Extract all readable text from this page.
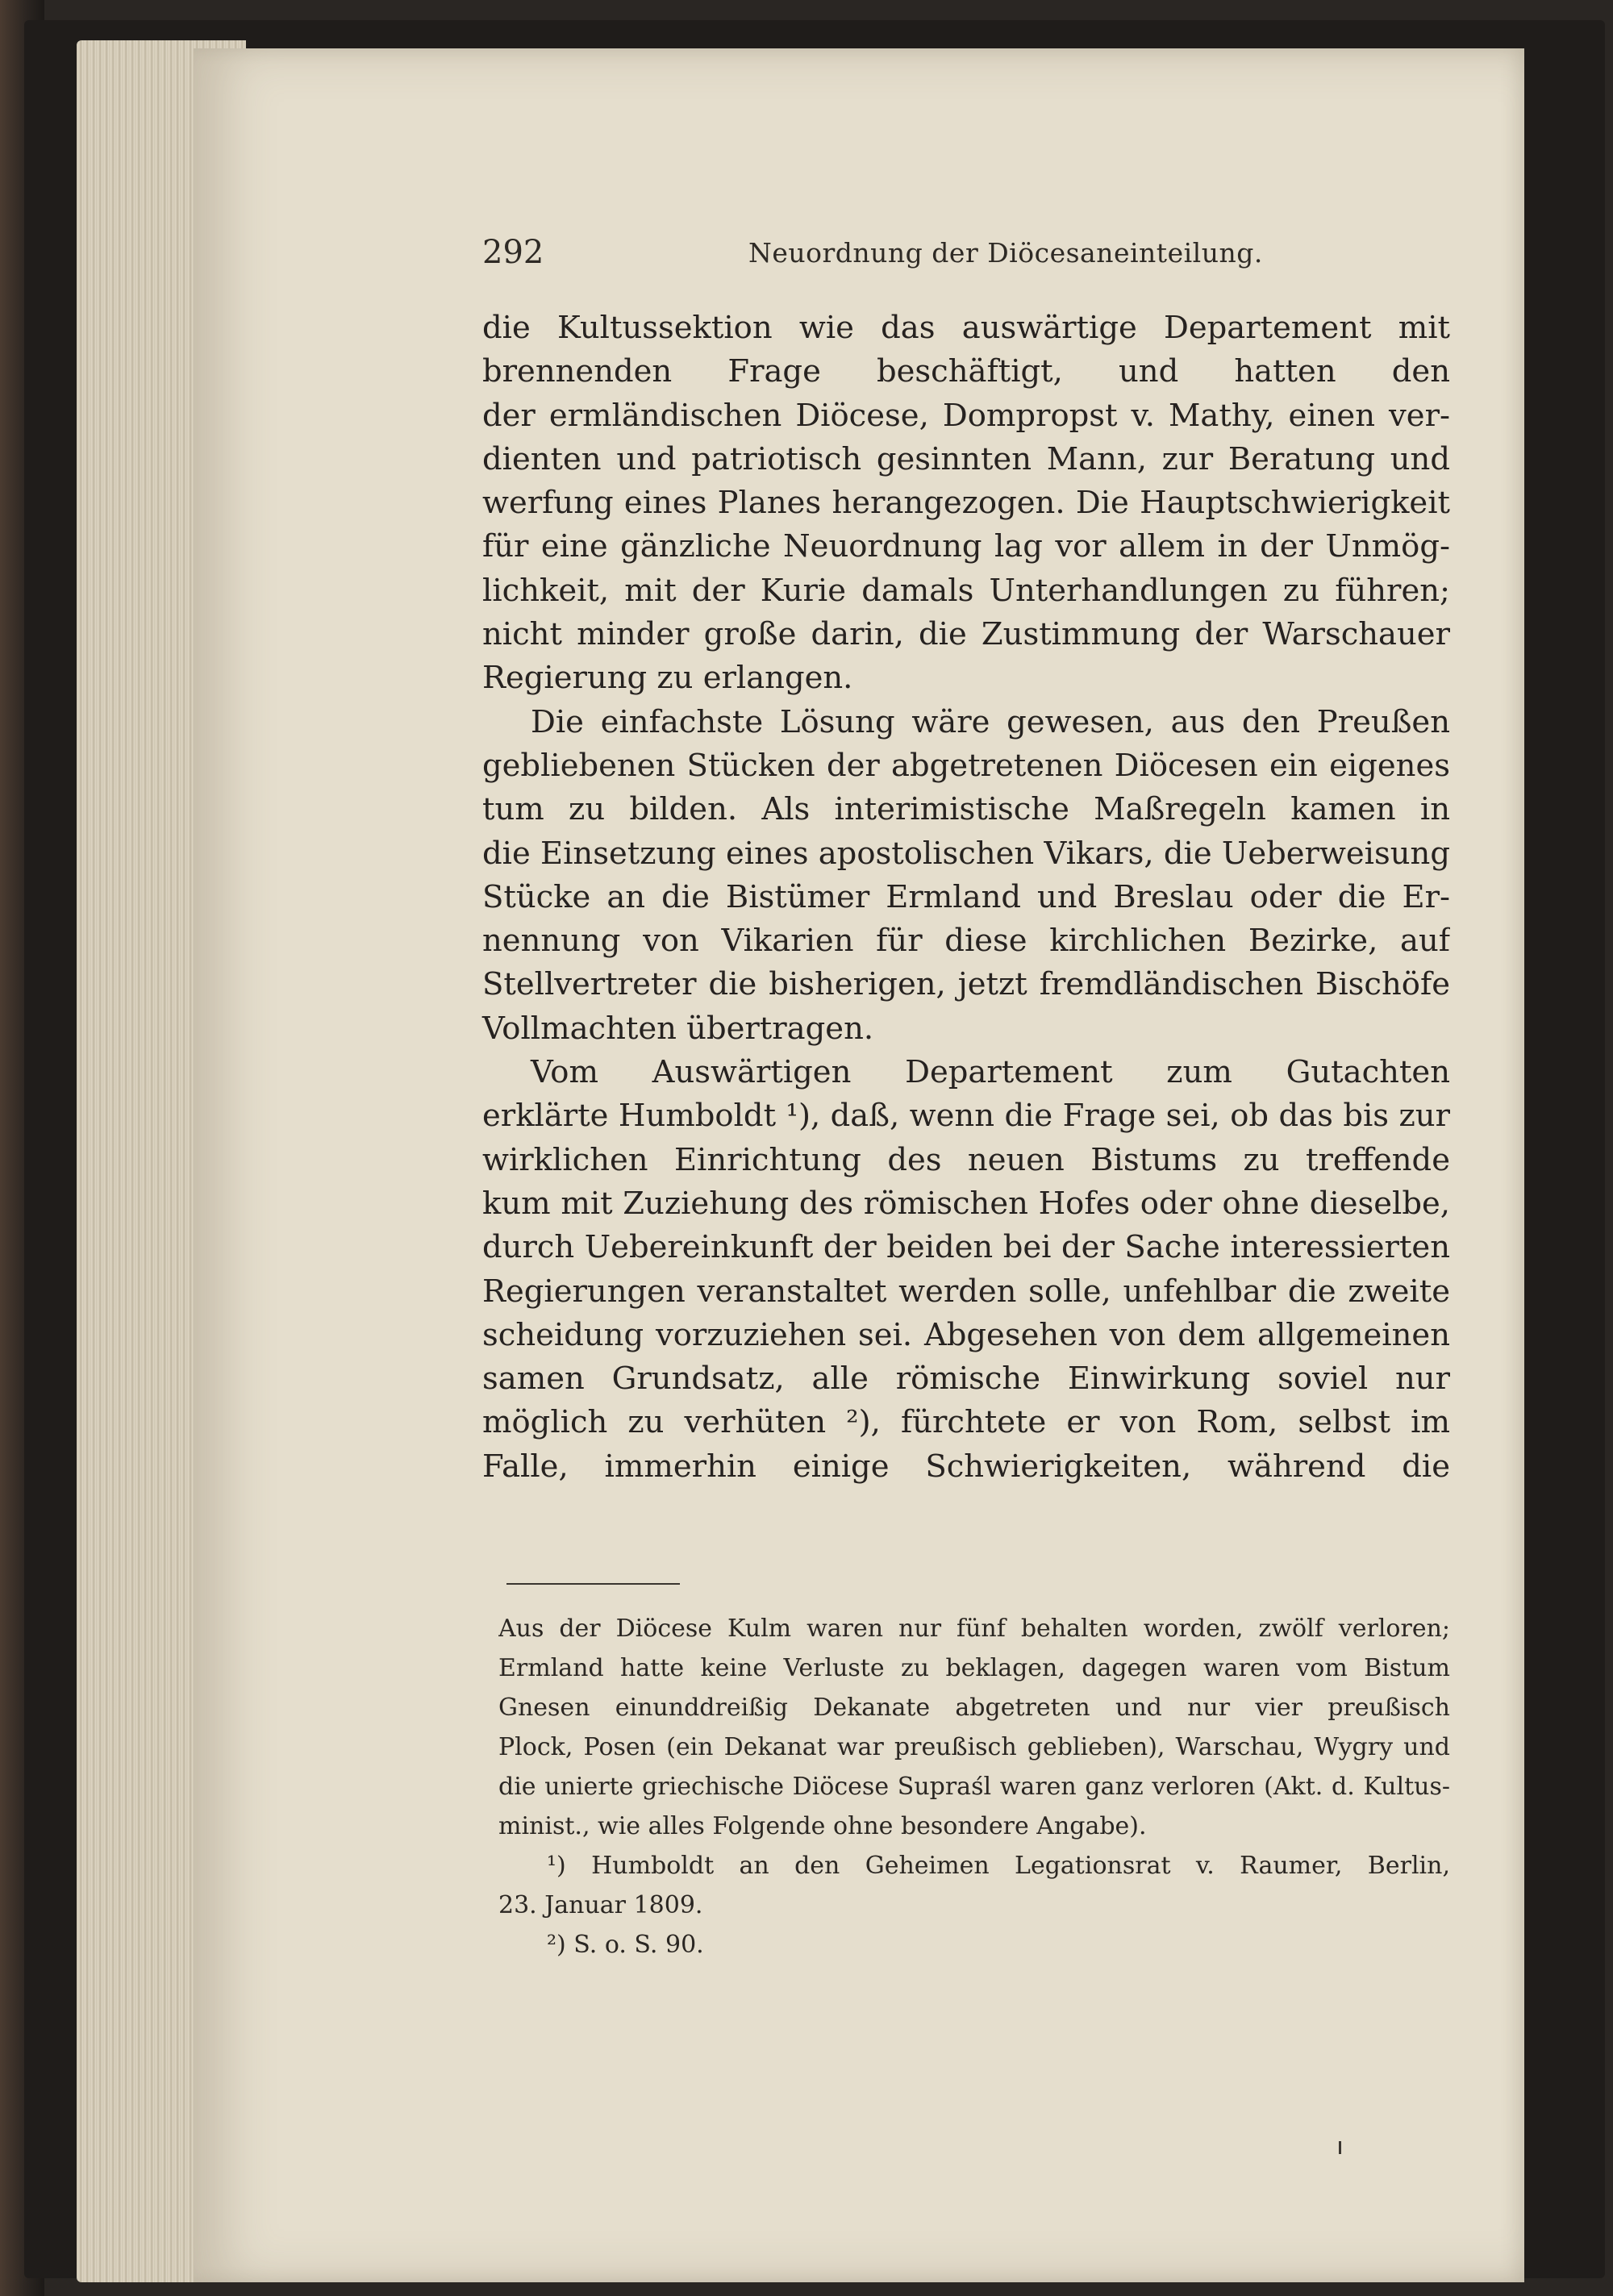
292	Neuordnung der Diöcesaneinteilung.
die Kultussektion wie das auswärtige Departement mit
brennenden Frage beschäftigt, und hatten den
der ermländischen Diöcese, Dompropst v. Mathy, einen ver-
dienten und patriotisch gesinnten Mann, zur Beratung und
werfung eines Planes herangezogen. Die Hauptschwierigkeit
für eine gänzliche Neuordnung lag vor allem in der Unmög-
lichkeit, mit der Kurie damals Unterhandlungen zu führen;
nicht minder große darin, die Zustimmung der Warschauer
Regierung zu erlangen.
Die einfachste Lösung wäre gewesen, aus den Preußen
gebliebenen Stücken der abgetretenen Diöcesen ein eigenes
tum zu bilden. Als interimistische Maßregeln kamen in
die Einsetzung eines apostolischen Vikars, die Ueberweisung
Stücke an die Bistümer Ermland und Breslau oder die Er-
nennung von Vikarien für diese kirchlichen Bezirke, auf
Stellvertreter die bisherigen, jetzt fremdländischen Bischöfe
Vollmachten übertragen.
Vom Auswärtigen Departement zum Gutachten
erklärte Humboldt ¹), daß, wenn die Frage sei, ob das bis zur
wirklichen Einrichtung des neuen Bistums zu treffende
kum mit Zuziehung des römischen Hofes oder ohne dieselbe,
durch Uebereinkunft der beiden bei der Sache interessierten
Regierungen veranstaltet werden solle, unfehlbar die zweite
scheidung vorzuziehen sei. Abgesehen von dem allgemeinen
samen Grundsatz, alle römische Einwirkung soviel nur
möglich zu verhüten ²), fürchtete er von Rom, selbst im
Falle, immerhin einige Schwierigkeiten, während die
Aus der Diöcese Kulm waren nur fünf behalten worden, zwölf verloren;
Ermland hatte keine Verluste zu beklagen, dagegen waren vom Bistum
Gnesen einunddreißig Dekanate abgetreten und nur vier preußisch
Plock, Posen (ein Dekanat war preußisch geblieben), Warschau, Wygry und
die unierte griechische Diöcese Supraśl waren ganz verloren (Akt. d. Kultus-
minist., wie alles Folgende ohne besondere Angabe).
¹) Humboldt an den Geheimen Legationsrat v. Raumer, Berlin,
23. Januar 1809.
²) S. o. S. 90.
